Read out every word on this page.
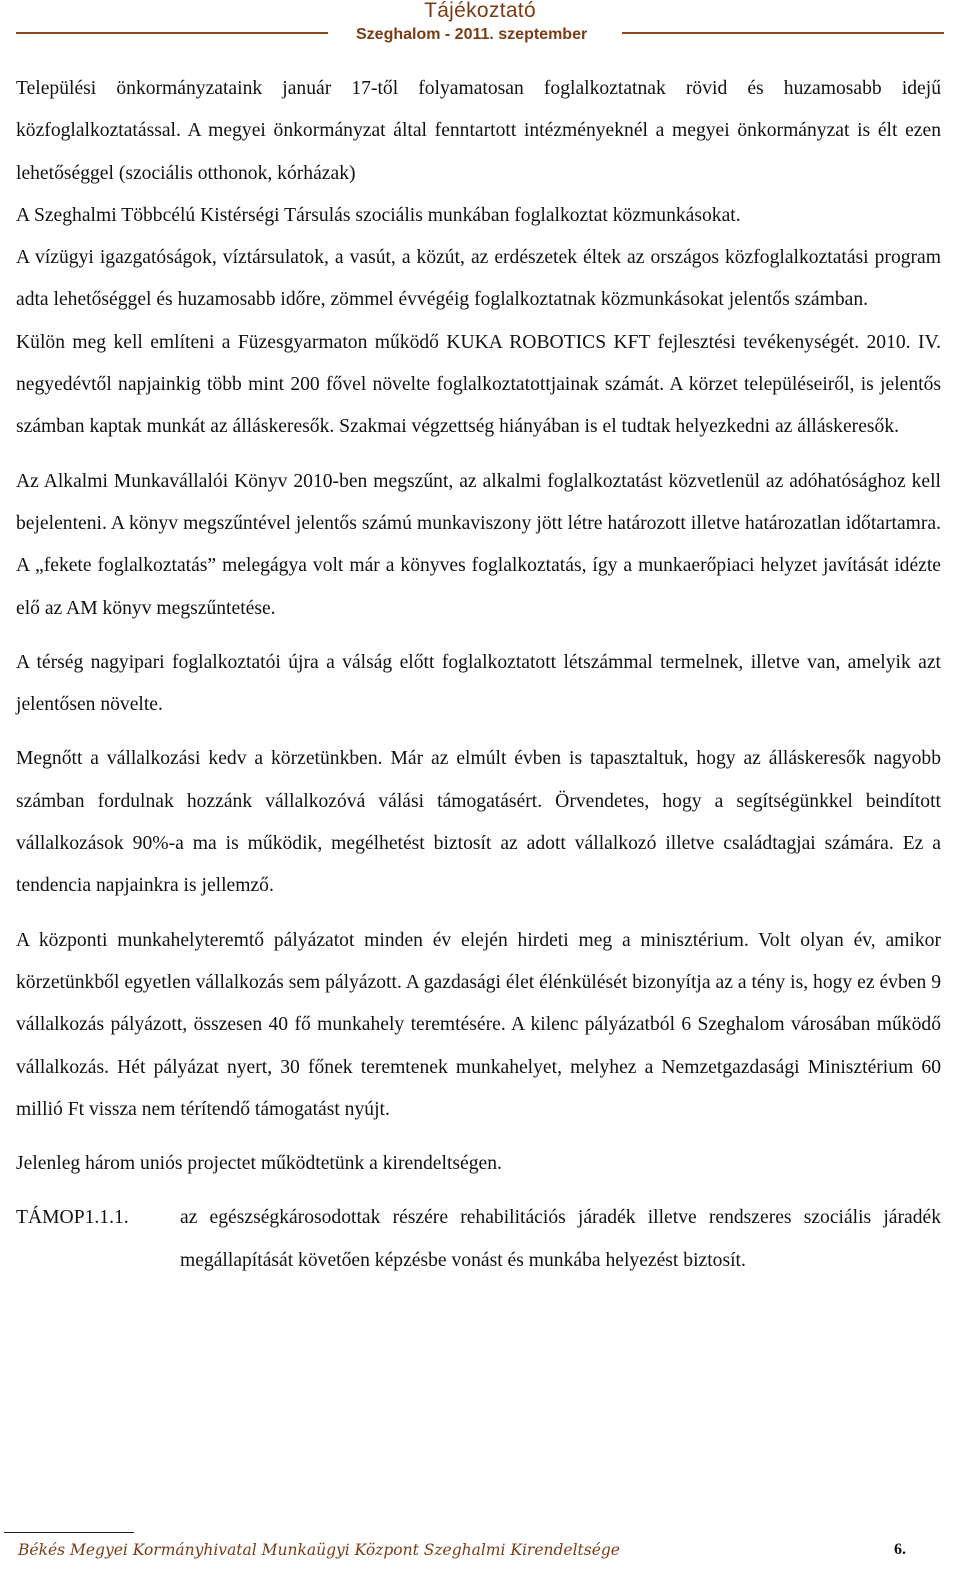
Tájékoztató
Szeghalom - 2011. szeptember

Települési önkormányzataink január 17-től folyamatosan foglalkoztatnak rövid és huzamosabb idejű közfoglalkoztatással. A megyei önkormányzat által fenntartott intézményeknél a megyei önkormányzat is élt ezen lehetőséggel (szociális otthonok, kórházak)

A Szeghalmi Többcélú Kistérségi Társulás szociális munkában foglalkoztat közmunkásokat.

A vízügyi igazgatóságok, víztársulatok, a vasút, a közút, az erdészetek éltek az országos közfoglalkoztatási program adta lehetőséggel és huzamosabb időre, zömmel évvégéig foglalkoztatnak közmunkásokat jelentős számban.

Külön meg kell említeni a Füzesgyarmaton működő KUKA ROBOTICS KFT fejlesztési tevékenységét. 2010. IV. negyedévtől napjainkig több mint 200 fővel növelte foglalkoztatottjainak számát. A körzet településeiről, is jelentős számban kaptak munkát az álláskeresők. Szakmai végzettség hiányában is el tudtak helyezkedni az álláskeresők.

Az Alkalmi Munkavállalói Könyv 2010-ben megszűnt, az alkalmi foglalkoztatást közvetlenül az adóhatósághoz kell bejelenteni. A könyv megszűntével jelentős számú munkaviszony jött létre határozott illetve határozatlan időtartamra. A „fekete foglalkoztatás” melegágya volt már a könyves foglalkoztatás, így a munkaerőpiaci helyzet javítását idézte elő az AM könyv megszűntetése.

A térség nagyipari foglalkoztatói újra a válság előtt foglalkoztatott létszámmal termelnek, illetve van, amelyik azt jelentősen növelte.

Megnőtt a vállalkozási kedv a körzetünkben. Már az elmúlt évben is tapasztaltuk, hogy az álláskeresők nagyobb számban fordulnak hozzánk vállalkozóvá válási támogatásért. Örvendetes, hogy a segítségünkkel beindított vállalkozások 90%-a ma is működik, megélhetést biztosít az adott vállalkozó illetve családtagjai számára. Ez a tendencia napjainkra is jellemző.

A központi munkahelyteremtő pályázatot minden év elején hirdeti meg a minisztérium. Volt olyan év, amikor körzetünkből egyetlen vállalkozás sem pályázott. A gazdasági élet élénkülését bizonyítja az a tény is, hogy ez évben 9 vállalkozás pályázott, összesen 40 fő munkahely teremtésére. A kilenc pályázatból 6 Szeghalom városában működő vállalkozás. Hét pályázat nyert, 30 főnek teremtenek munkahelyet, melyhez a Nemzetgazdasági Minisztérium 60 millió Ft vissza nem térítendő támogatást nyújt.

Jelenleg három uniós projectet működtetünk a kirendeltségen.

TÁMOP1.1.1.	az egészségkárosodottak részére rehabilitációs járadék illetve rendszeres szociális járadék megállapítását követően képzésbe vonást és munkába helyezést biztosít.
Békés Megyei Kormányhivatal Munkaügyi Központ Szeghalmi Kirendeltsége	6.
